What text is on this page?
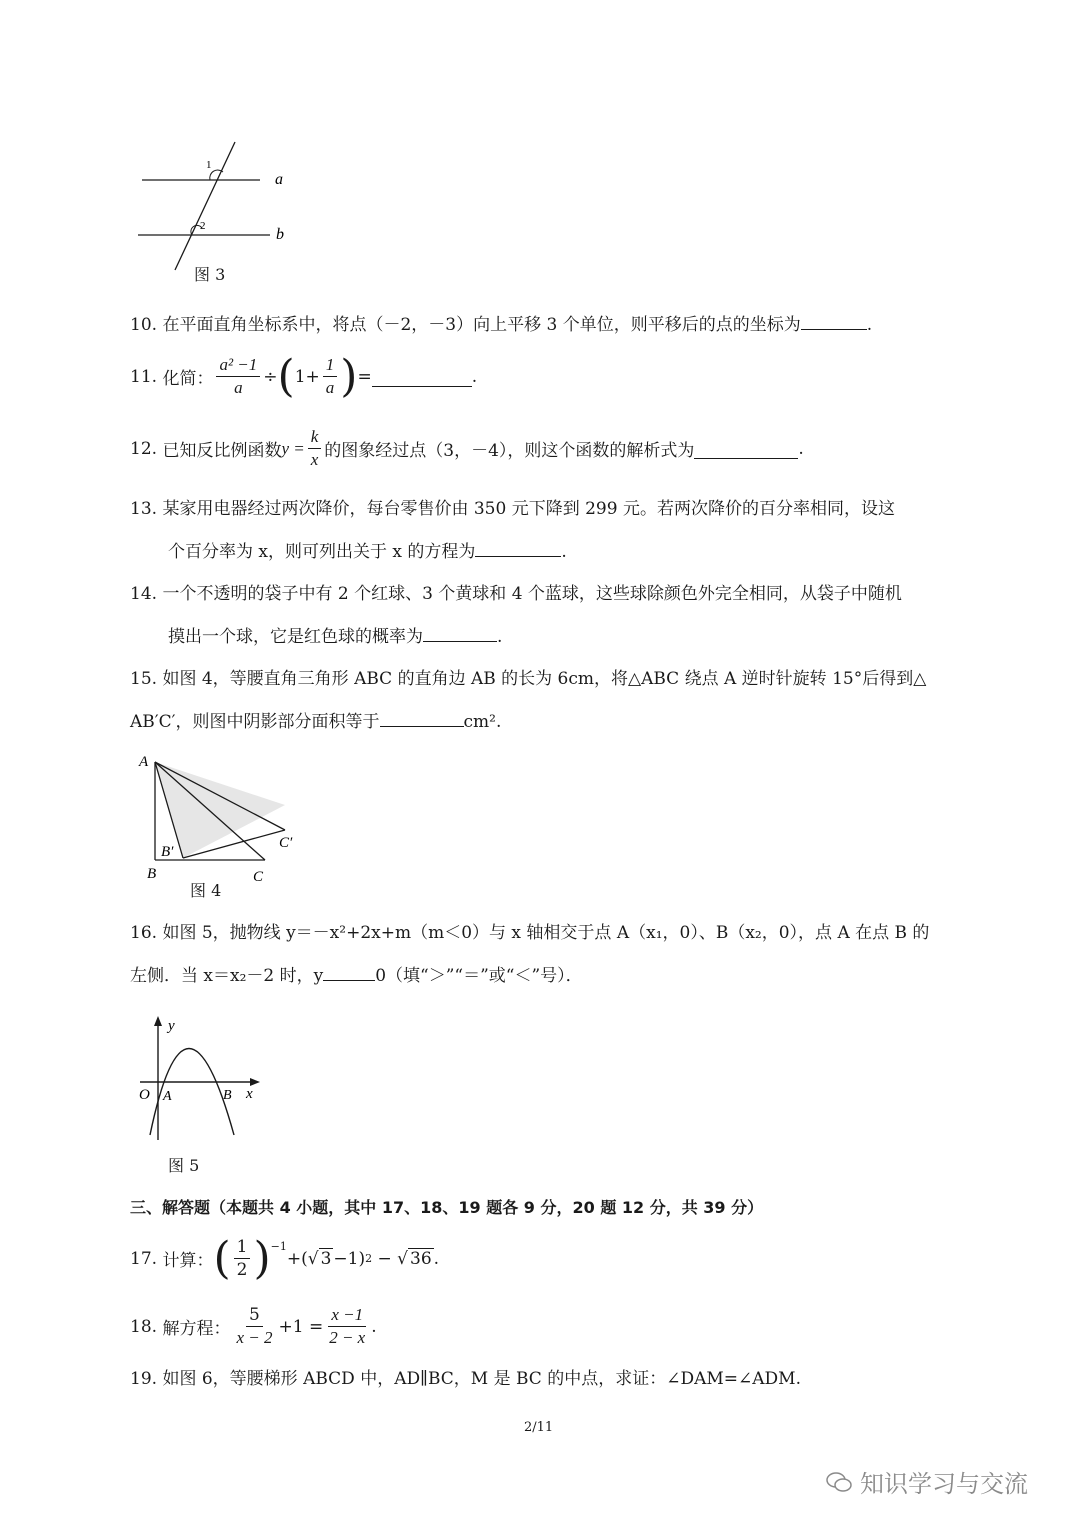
1
2
a
b
图 3
10. 在平面直角坐标系中，将点（－2，－3）向上平移 3 个单位，则平移后的点的坐标为	.
11.
化简： $\frac{\text{a² −1}}{a}$ ÷ ( $1+ \frac{1}{a}$ ) =	.
12.
已知反比例函数 $y = \frac{k}{x}$ 的图象经过点（3，－4），则这个函数的解析式为	.
13. 某家用电器经过两次降价，每台零售价由 350 元下降到 299 元。若两次降价的百分率相同，设这
个百分率为 x，则可列出关于 x 的方程为	.
14. 一个不透明的袋子中有 2 个红球、3 个黄球和 4 个蓝球，这些球除颜色外完全相同，从袋子中随机
摸出一个球，它是红色球的概率为	.
15. 如图 4，等腰直角三角形 ABC 的直角边 AB 的长为 6cm，将△ABC 绕点 A 逆时针旋转 15°后得到△
AB′C′，则图中阴影部分面积等于	cm².
A
B	C
B′
C′
图 4
16. 如图 5，抛物线 y＝－x²+2x+m（m＜0）与 x 轴相交于点 A（x₁，0）、B（x₂，0），点 A 在点 B 的
左侧．当 x＝x₂－2 时，y	0（填“＞”“＝”或“＜”号）．
y
x
O A	B
图 5
三、解答题（本题共 4 小题，其中 17、18、19 题各 9 分，20 题 12 分，共 39 分）
17.
计算： ( $\frac{1}{2} )^{-1}$
+( √ 3 −1) 2 − √ 36 .
18.
解方程： $\frac{5}{x - 2} +1 = \frac{x -1}{2 - x}$ .
19. 如图 6，等腰梯形 ABCD 中，AD∥BC，M 是 BC 的中点，求证：∠DAM=∠ADM.
2/11
知识学习与交流
